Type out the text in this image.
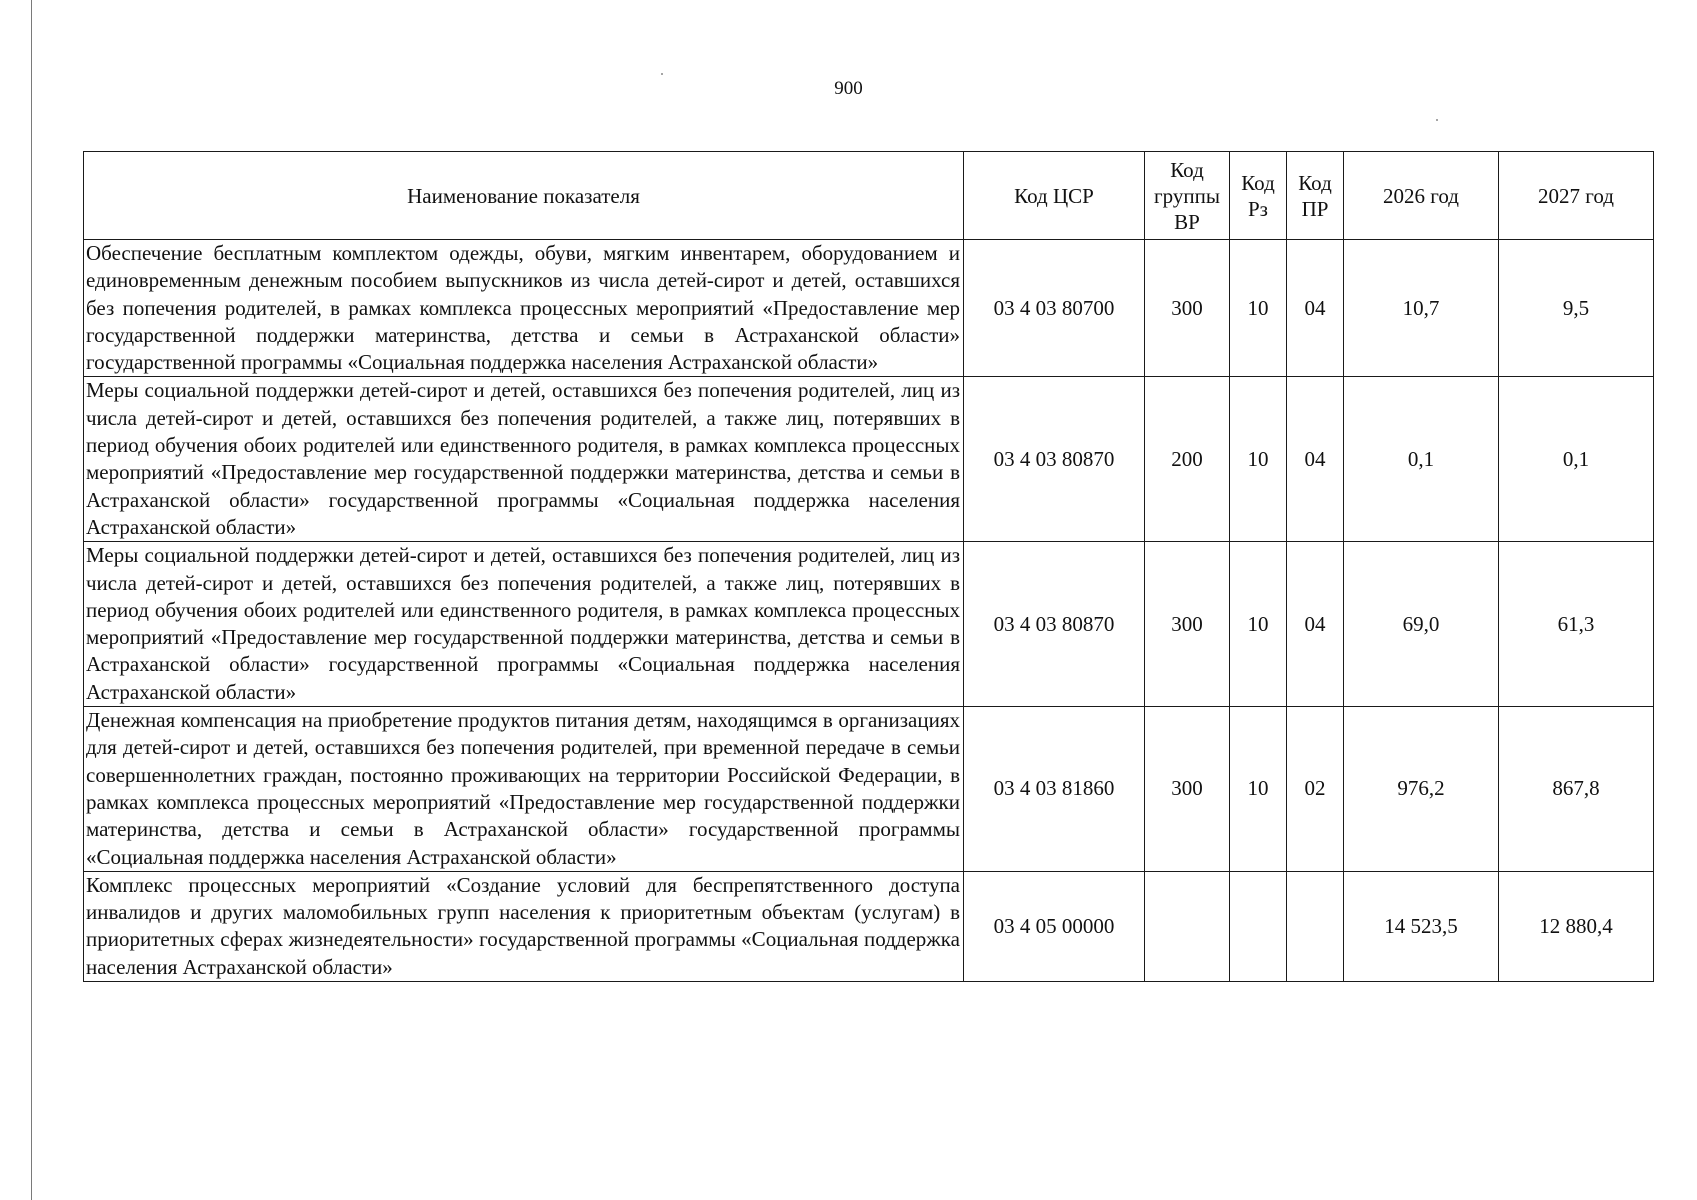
900
Наименование показателя	Код ЦСР	Код группы ВР	Код Рз	Код ПР	2026 год	2027 год
Обеспечение бесплатным комплектом одежды, обуви, мягким инвентарем, оборудованием и единовременным денежным пособием выпускников из числа детей-сирот и детей, оставшихся без попечения родителей, в рамках комплекса процессных мероприятий «Предоставление мер государственной поддержки материнства, детства и семьи в Астраханской области» государственной программы «Социальная поддержка населения Астраханской области»	03 4 03 80700	300	10	04	10,7	9,5
Меры социальной поддержки детей-сирот и детей, оставшихся без попечения родителей, лиц из числа детей-сирот и детей, оставшихся без попечения родителей, а также лиц, потерявших в период обучения обоих родителей или единственного родителя, в рамках комплекса процессных мероприятий «Предоставление мер государственной поддержки материнства, детства и семьи в Астраханской области» государственной программы «Социальная поддержка населения Астраханской области»	03 4 03 80870	200	10	04	0,1	0,1
Меры социальной поддержки детей-сирот и детей, оставшихся без попечения родителей, лиц из числа детей-сирот и детей, оставшихся без попечения родителей, а также лиц, потерявших в период обучения обоих родителей или единственного родителя, в рамках комплекса процессных мероприятий «Предоставление мер государственной поддержки материнства, детства и семьи в Астраханской области» государственной программы «Социальная поддержка населения Астраханской области»	03 4 03 80870	300	10	04	69,0	61,3
Денежная компенсация на приобретение продуктов питания детям, находящимся в организациях для детей-сирот и детей, оставшихся без попечения родителей, при временной передаче в семьи совершеннолетних граждан, постоянно проживающих на территории Российской Федерации, в рамках комплекса процессных мероприятий «Предоставление мер государственной поддержки материнства, детства и семьи в Астраханской области» государственной программы «Социальная поддержка населения Астраханской области»	03 4 03 81860	300	10	02	976,2	867,8
Комплекс процессных мероприятий «Создание условий для беспрепятственного доступа инвалидов и других маломобильных групп населения к приоритетным объектам (услугам) в приоритетных сферах жизнедеятельности» государственной программы «Социальная поддержка населения Астраханской области»	03 4 05 00000				14 523,5	12 880,4
